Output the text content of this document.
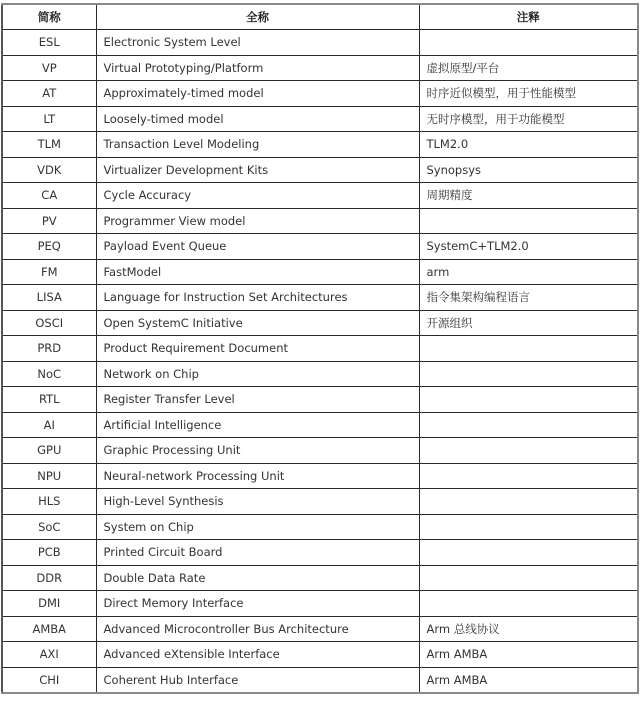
简称	全称	注释
ESL	Electronic System Level	
VP	Virtual Prototyping/Platform	虚拟原型/平台
AT	Approximately-timed model	时序近似模型，用于性能模型
LT	Loosely-timed model	无时序模型，用于功能模型
TLM	Transaction Level Modeling	TLM2.0
VDK	Virtualizer Development Kits	Synopsys
CA	Cycle Accuracy	周期精度
PV	Programmer View model	
PEQ	Payload Event Queue	SystemC+TLM2.0
FM	FastModel	arm
LISA	Language for Instruction Set Architectures	指令集架构编程语言
OSCI	Open SystemC Initiative	开源组织
PRD	Product Requirement Document	
NoC	Network on Chip	
RTL	Register Transfer Level	
AI	Artificial Intelligence	
GPU	Graphic Processing Unit	
NPU	Neural-network Processing Unit	
HLS	High-Level Synthesis	
SoC	System on Chip	
PCB	Printed Circuit Board	
DDR	Double Data Rate	
DMI	Direct Memory Interface	
AMBA	Advanced Microcontroller Bus Architecture	Arm 总线协议
AXI	Advanced eXtensible Interface	Arm AMBA
CHI	Coherent Hub Interface	Arm AMBA
